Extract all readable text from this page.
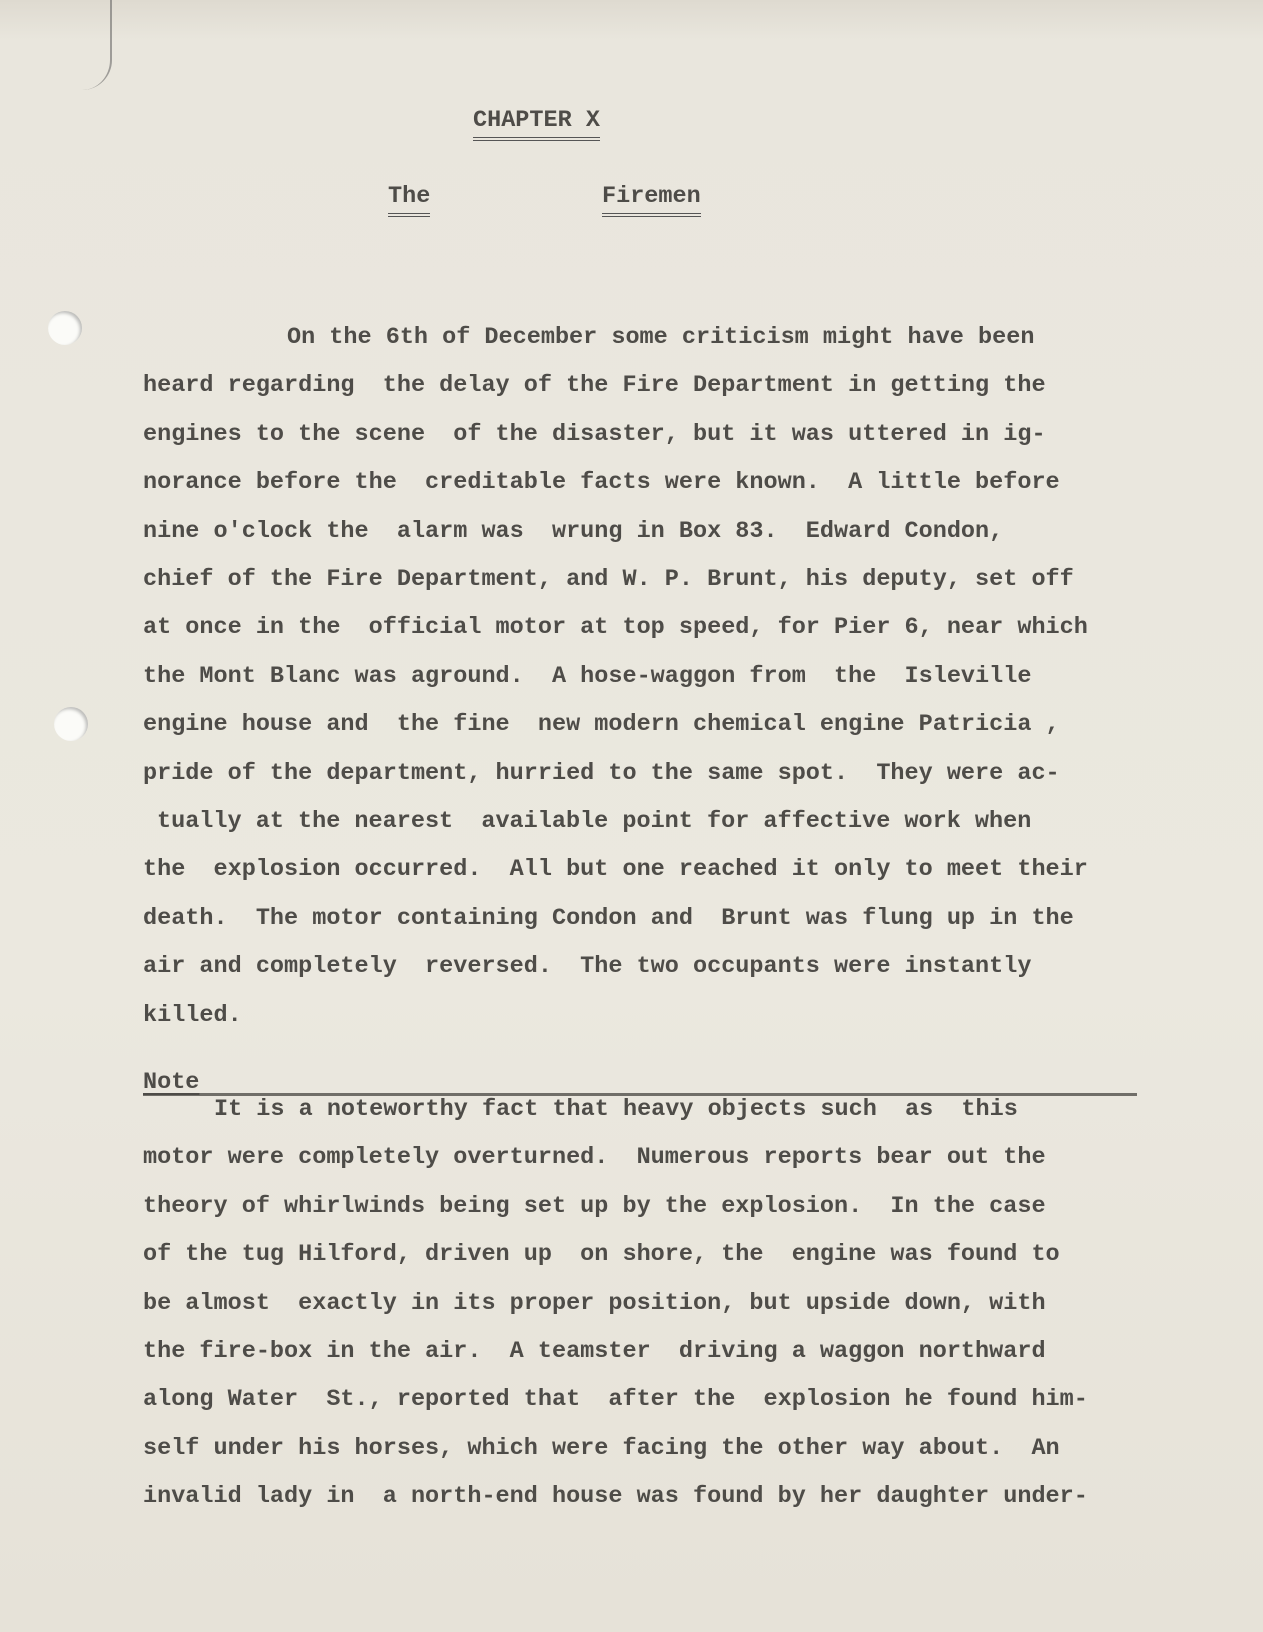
CHAPTER X
The	Firemen
On the 6th of December some criticism might have been
heard regarding  the delay of the Fire Department in getting the
engines to the scene  of the disaster, but it was uttered in ig-
norance before the  creditable facts were known.  A little before
nine o'clock the  alarm was  wrung in Box 83.  Edward Condon,
chief of the Fire Department, and W. P. Brunt, his deputy, set off
at once in the  official motor at top speed, for Pier 6, near which
the Mont Blanc was aground.  A hose-waggon from  the  Isleville
engine house and  the fine  new modern chemical engine Patricia ,
pride of the department, hurried to the same spot.  They were ac-
tually at the nearest  available point for affective work when
the  explosion occurred.  All but one reached it only to meet their
death.  The motor containing Condon and  Brunt was flung up in the
air and completely  reversed.  The two occupants were instantly
killed.
Note
It is a noteworthy fact that heavy objects such  as  this
motor were completely overturned.  Numerous reports bear out the
theory of whirlwinds being set up by the explosion.  In the case
of the tug Hilford, driven up  on shore, the  engine was found to
be almost  exactly in its proper position, but upside down, with
the fire-box in the air.  A teamster  driving a waggon northward
along Water  St., reported that  after the  explosion he found him-
self under his horses, which were facing the other way about.  An
invalid lady in  a north-end house was found by her daughter under-
